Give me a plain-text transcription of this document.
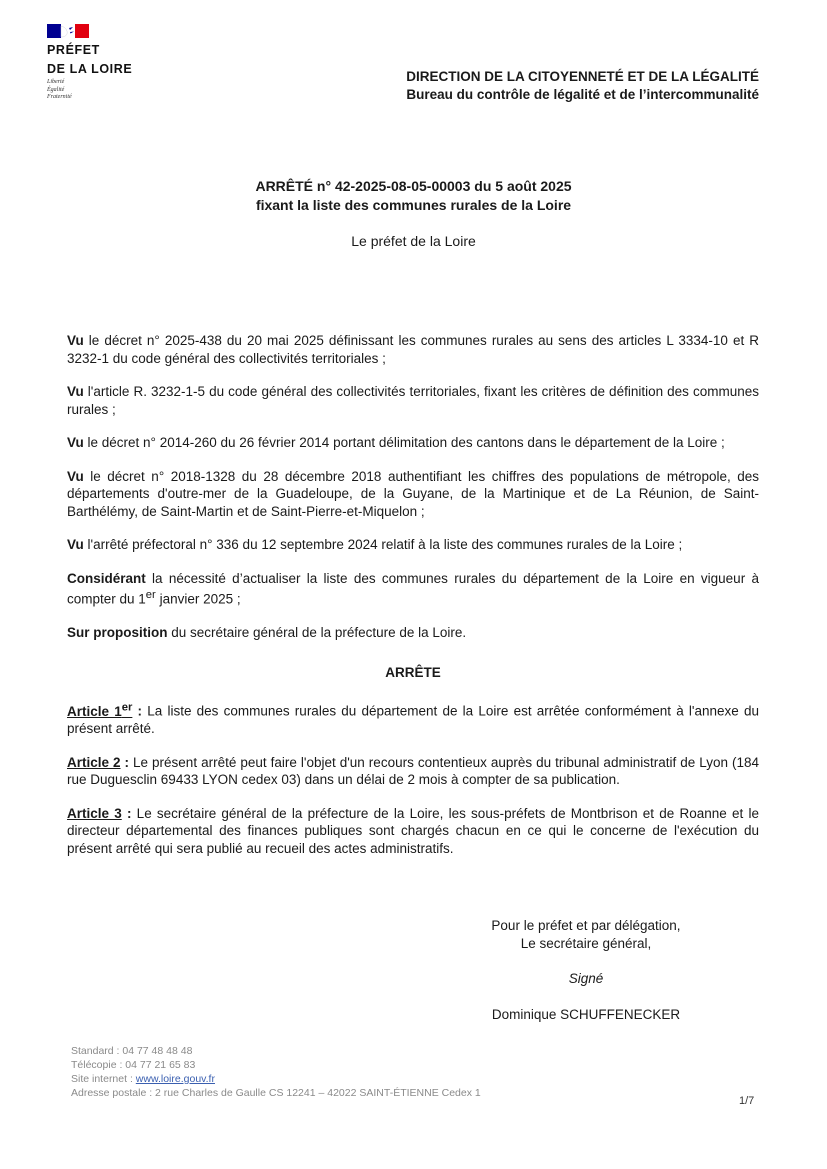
PRÉFET
DE LA LOIRE
Liberté
Égalité
Fraternité
DIRECTION DE LA CITOYENNETÉ ET DE LA LÉGALITÉ
Bureau du contrôle de légalité et de l’intercommunalité
ARRÊTÉ n° 42-2025-08-05-00003 du 5 août 2025
fixant la liste des communes rurales de la Loire
Le préfet de la Loire

Vu le décret n° 2025-438 du 20 mai 2025 définissant les communes rurales au sens des articles L 3334-10 et R 3232-1 du code général des collectivités territoriales ;

Vu l'article R. 3232-1-5 du code général des collectivités territoriales, fixant les critères de définition des communes rurales ;

Vu le décret n° 2014-260 du 26 février 2014 portant délimitation des cantons dans le département de la Loire ;

Vu le décret n° 2018-1328 du 28 décembre 2018 authentifiant les chiffres des populations de métropole, des départements d'outre-mer de la Guadeloupe, de la Guyane, de la Martinique et de La Réunion, de Saint-Barthélémy, de Saint-Martin et de Saint-Pierre-et-Miquelon ;

Vu l'arrêté préfectoral n° 336 du 12 septembre 2024 relatif à la liste des communes rurales de la Loire ;

Considérant la nécessité d’actualiser la liste des communes rurales du département de la Loire en vigueur à compter du 1er janvier 2025 ;

Sur proposition du secrétaire général de la préfecture de la Loire.

ARRÊTE

Article 1er : La liste des communes rurales du département de la Loire est arrêtée conformément à l'annexe du présent arrêté.

Article 2 : Le présent arrêté peut faire l'objet d'un recours contentieux auprès du tribunal administratif de Lyon (184 rue Duguesclin 69433 LYON cedex 03) dans un délai de 2 mois à compter de sa publication.

Article 3 : Le secrétaire général de la préfecture de la Loire, les sous-préfets de Montbrison et de Roanne et le directeur départemental des finances publiques sont chargés chacun en ce qui le concerne de l'exécution du présent arrêté qui sera publié au recueil des actes administratifs.

Pour le préfet et par délégation,
Le secrétaire général,
Signé
Dominique SCHUFFENECKER
Standard : 04 77 48 48 48
Télécopie : 04 77 21 65 83
Site internet : www.loire.gouv.fr
Adresse postale : 2 rue Charles de Gaulle CS 12241 – 42022 SAINT-ÉTIENNE Cedex 1
1/7
